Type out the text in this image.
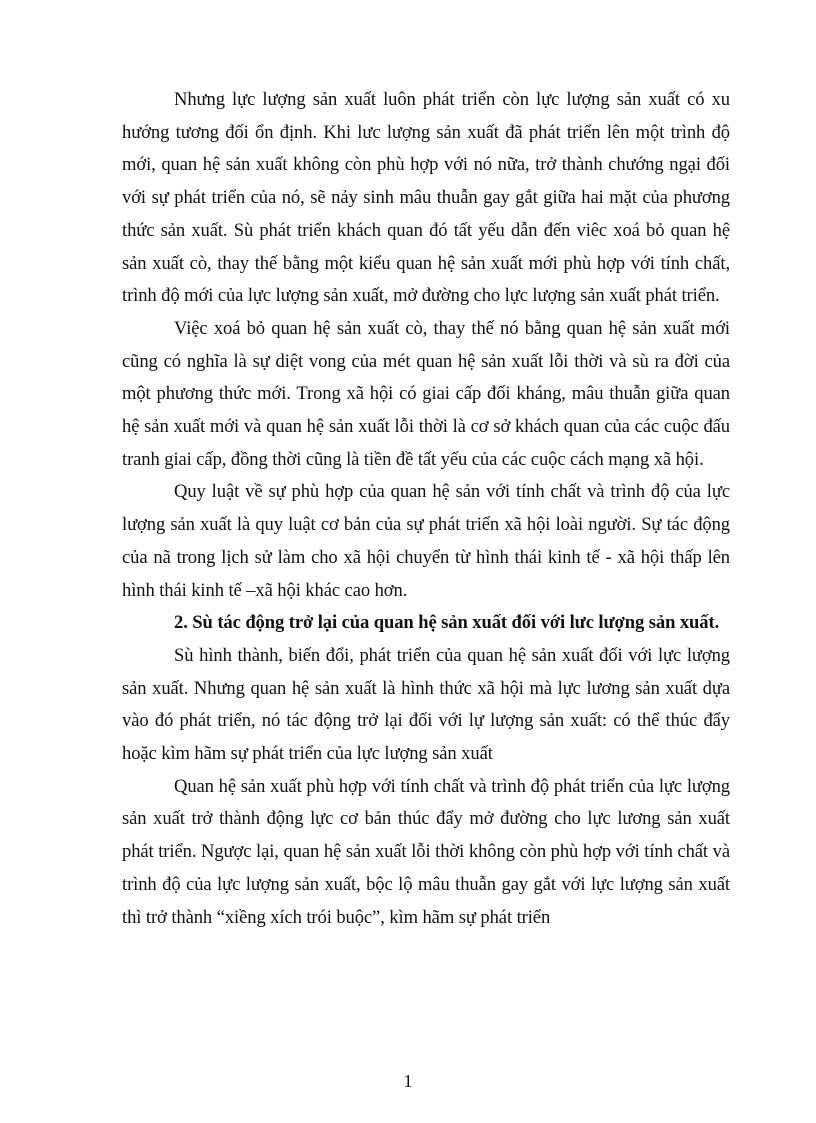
Nhưng lực lượng sản xuất luôn phát triển còn lực lượng sản xuất có xu hướng tương đối ổn định. Khi lưc lượng sản xuất đã phát triển lên một trình độ mới, quan hệ sản xuất không còn phù hợp với nó nữa, trở thành chướng ngại đối với sự phát triển của nó, sẽ nảy sinh mâu thuẫn gay gắt giữa hai mặt của phương thức sản xuất. Sù phát triển khách quan đó tất yếu dẫn đến viêc xoá bỏ quan hệ sản xuất cò, thay thế bằng một kiểu quan hệ sản xuất mới phù hợp với tính chất, trình độ mới của lực lượng sản xuất, mở đường cho lực lượng sản xuất phát triển.

Việc xoá bỏ quan hệ sản xuất cò, thay thế nó bằng quan hệ sản xuất mới cũng có nghĩa là sự diệt vong của mét quan hệ sản xuất lỗi thời và sù ra đời của một phương thức mới. Trong xã hội có giai cấp đối kháng, mâu thuẫn giữa quan hệ sản xuất mới và quan hệ sản xuất lỗi thời là cơ sở khách quan của các cuộc đấu tranh giai cấp, đồng thời cũng là tiền đề tất yếu của các cuộc cách mạng xã hội.

Quy luật về sự phù hợp của quan hệ sản với tính chất và trình độ của lực lượng sản xuất là quy luật cơ bản của sự phát triển xã hội loài người. Sự tác động của nã trong lịch sử làm cho xã hội chuyển từ hình thái kinh tế - xã hội thấp lên hình thái kinh tế –xã hội khác cao hơn.

2. Sù tác động trở lại của quan hệ sản xuất đối với lưc lượng sản xuất.

Sù hình thành, biến đổi, phát triển của quan hệ sản xuất đối với lực lượng sản xuất. Nhưng quan hệ sản xuất là hình thức xã hội mà lực lương sản xuất dựa vào đó phát triển, nó tác động trở lại đối với lự lượng sản xuất: có thể thúc đẩy hoặc kìm hãm sự phát triển của lực lượng sản xuất

Quan hệ sản xuất phù hợp với tính chất và trình độ phát triển của lực lượng sản xuất trở thành động lực cơ bản thúc đẩy mở đường cho lực lương sản xuất phát triển. Ngược lại, quan hệ sản xuất lỗi thời không còn phù hợp với tính chất và trình độ của lực lượng sản xuất, bộc lộ mâu thuẫn gay gắt với lực lượng sản xuất thì trở thành “xiềng xích trói buộc”, kìm hãm sự phát triển

1
